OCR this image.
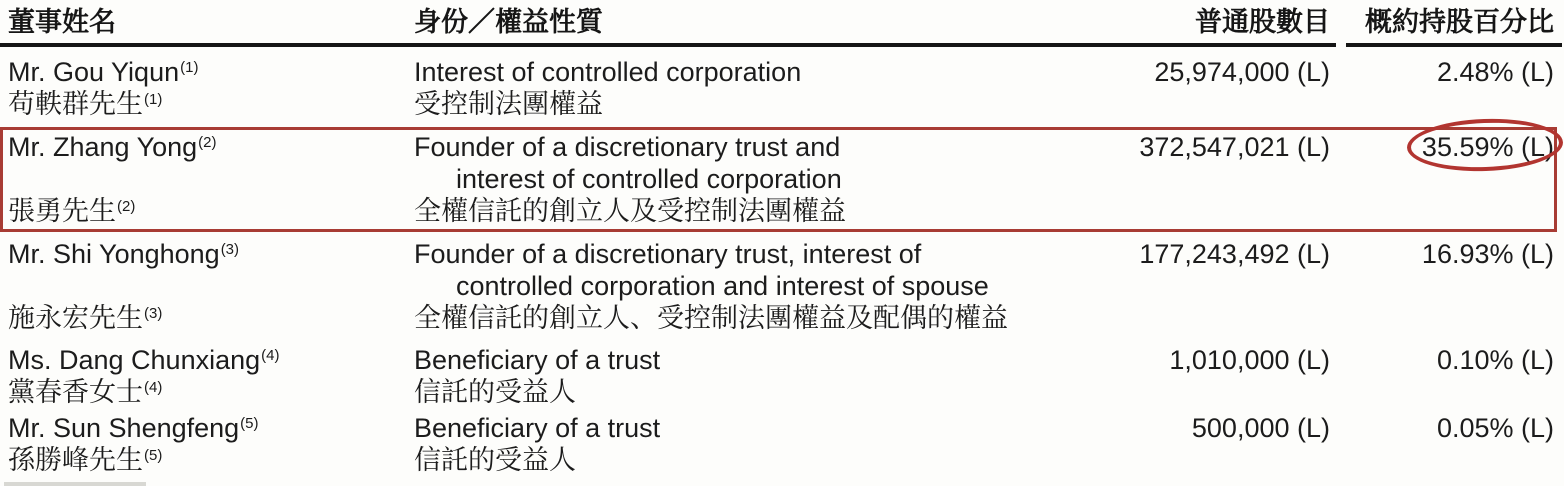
董事姓名	身份／權益性質	普通股數目	概約持股百分比
Mr. Gou Yiqun$^{(1)}$
苟軼群先生$^{(1)}$
Interest of controlled corporation
受控制法團權益
25,974,000 (L)	2.48% (L)
Mr. Zhang Yong$^{(2)}$

張勇先生$^{(2)}$
Founder of a discretionary trust and
interest of controlled corporation
全權信託的創立人及受控制法團權益
372,547,021 (L)	35.59% (L)
Mr. Shi Yonghong$^{(3)}$

施永宏先生$^{(3)}$
Founder of a discretionary trust, interest of
controlled corporation and interest of spouse
全權信託的創立人、受控制法團權益及配偶的權益
177,243,492 (L)	16.93% (L)
Ms. Dang Chunxiang$^{(4)}$
黨春香女士$^{(4)}$
Beneficiary of a trust
信託的受益人
1,010,000 (L)	0.10% (L)
Mr. Sun Shengfeng$^{(5)}$
孫勝峰先生$^{(5)}$
Beneficiary of a trust
信託的受益人
500,000 (L)	0.05% (L)
